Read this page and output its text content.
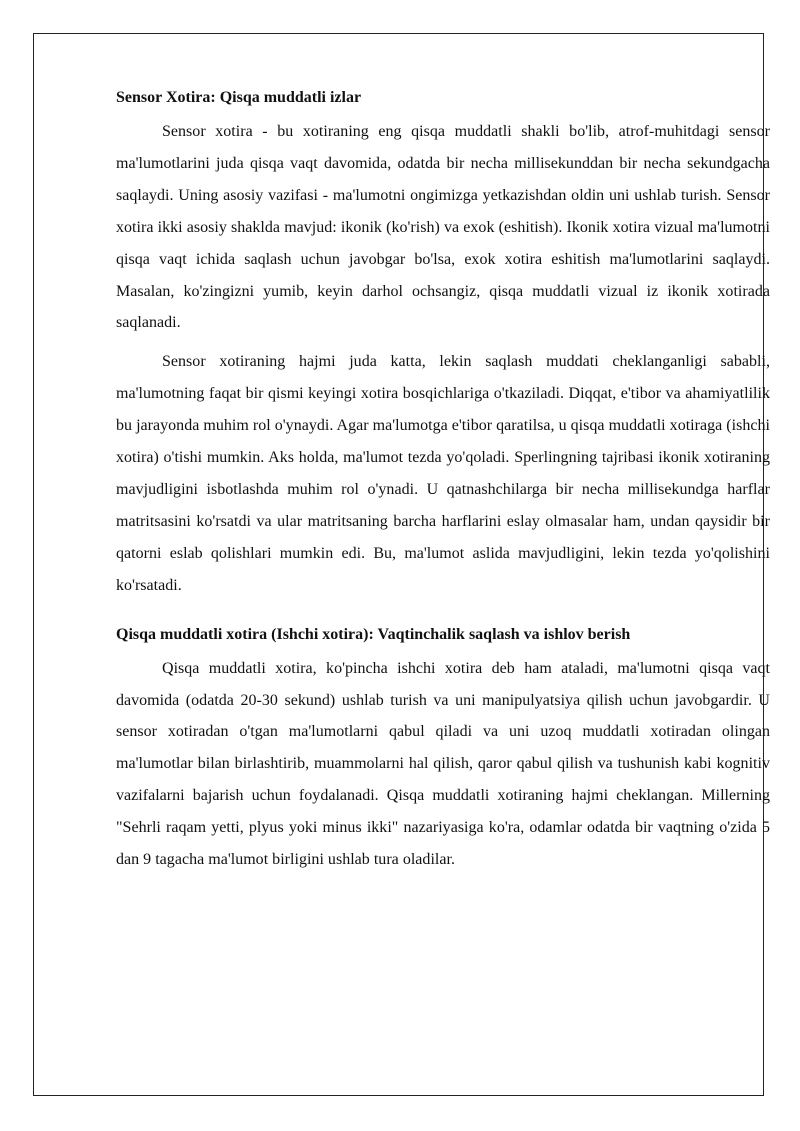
Sensor Xotira: Qisqa muddatli izlar

Sensor xotira - bu xotiraning eng qisqa muddatli shakli bo'lib, atrof-muhitdagi sensor ma'lumotlarini juda qisqa vaqt davomida, odatda bir necha millisekunddan bir necha sekundgacha saqlaydi. Uning asosiy vazifasi - ma'lumotni ongimizga yetkazishdan oldin uni ushlab turish. Sensor xotira ikki asosiy shaklda mavjud: ikonik (ko'rish) va exok (eshitish). Ikonik xotira vizual ma'lumotni qisqa vaqt ichida saqlash uchun javobgar bo'lsa, exok xotira eshitish ma'lumotlarini saqlaydi. Masalan, ko'zingizni yumib, keyin darhol ochsangiz, qisqa muddatli vizual iz ikonik xotirada saqlanadi.

Sensor xotiraning hajmi juda katta, lekin saqlash muddati cheklanganligi sababli, ma'lumotning faqat bir qismi keyingi xotira bosqichlariga o'tkaziladi. Diqqat, e'tibor va ahamiyatlilik bu jarayonda muhim rol o'ynaydi. Agar ma'lumotga e'tibor qaratilsa, u qisqa muddatli xotiraga (ishchi xotira) o'tishi mumkin. Aks holda, ma'lumot tezda yo'qoladi. Sperlingning tajribasi ikonik xotiraning mavjudligini isbotlashda muhim rol o'ynadi. U qatnashchilarga bir necha millisekundga harflar matritsasini ko'rsatdi va ular matritsaning barcha harflarini eslay olmasalar ham, undan qaysidir bir qatorni eslab qolishlari mumkin edi. Bu, ma'lumot aslida mavjudligini, lekin tezda yo'qolishini ko'rsatadi.

Qisqa muddatli xotira (Ishchi xotira): Vaqtinchalik saqlash va ishlov berish

Qisqa muddatli xotira, ko'pincha ishchi xotira deb ham ataladi, ma'lumotni qisqa vaqt davomida (odatda 20-30 sekund) ushlab turish va uni manipulyatsiya qilish uchun javobgardir. U sensor xotiradan o'tgan ma'lumotlarni qabul qiladi va uni uzoq muddatli xotiradan olingan ma'lumotlar bilan birlashtirib, muammolarni hal qilish, qaror qabul qilish va tushunish kabi kognitiv vazifalarni bajarish uchun foydalanadi. Qisqa muddatli xotiraning hajmi cheklangan. Millerning "Sehrli raqam yetti, plyus yoki minus ikki" nazariyasiga ko'ra, odamlar odatda bir vaqtning o'zida 5 dan 9 tagacha ma'lumot birligini ushlab tura oladilar.
